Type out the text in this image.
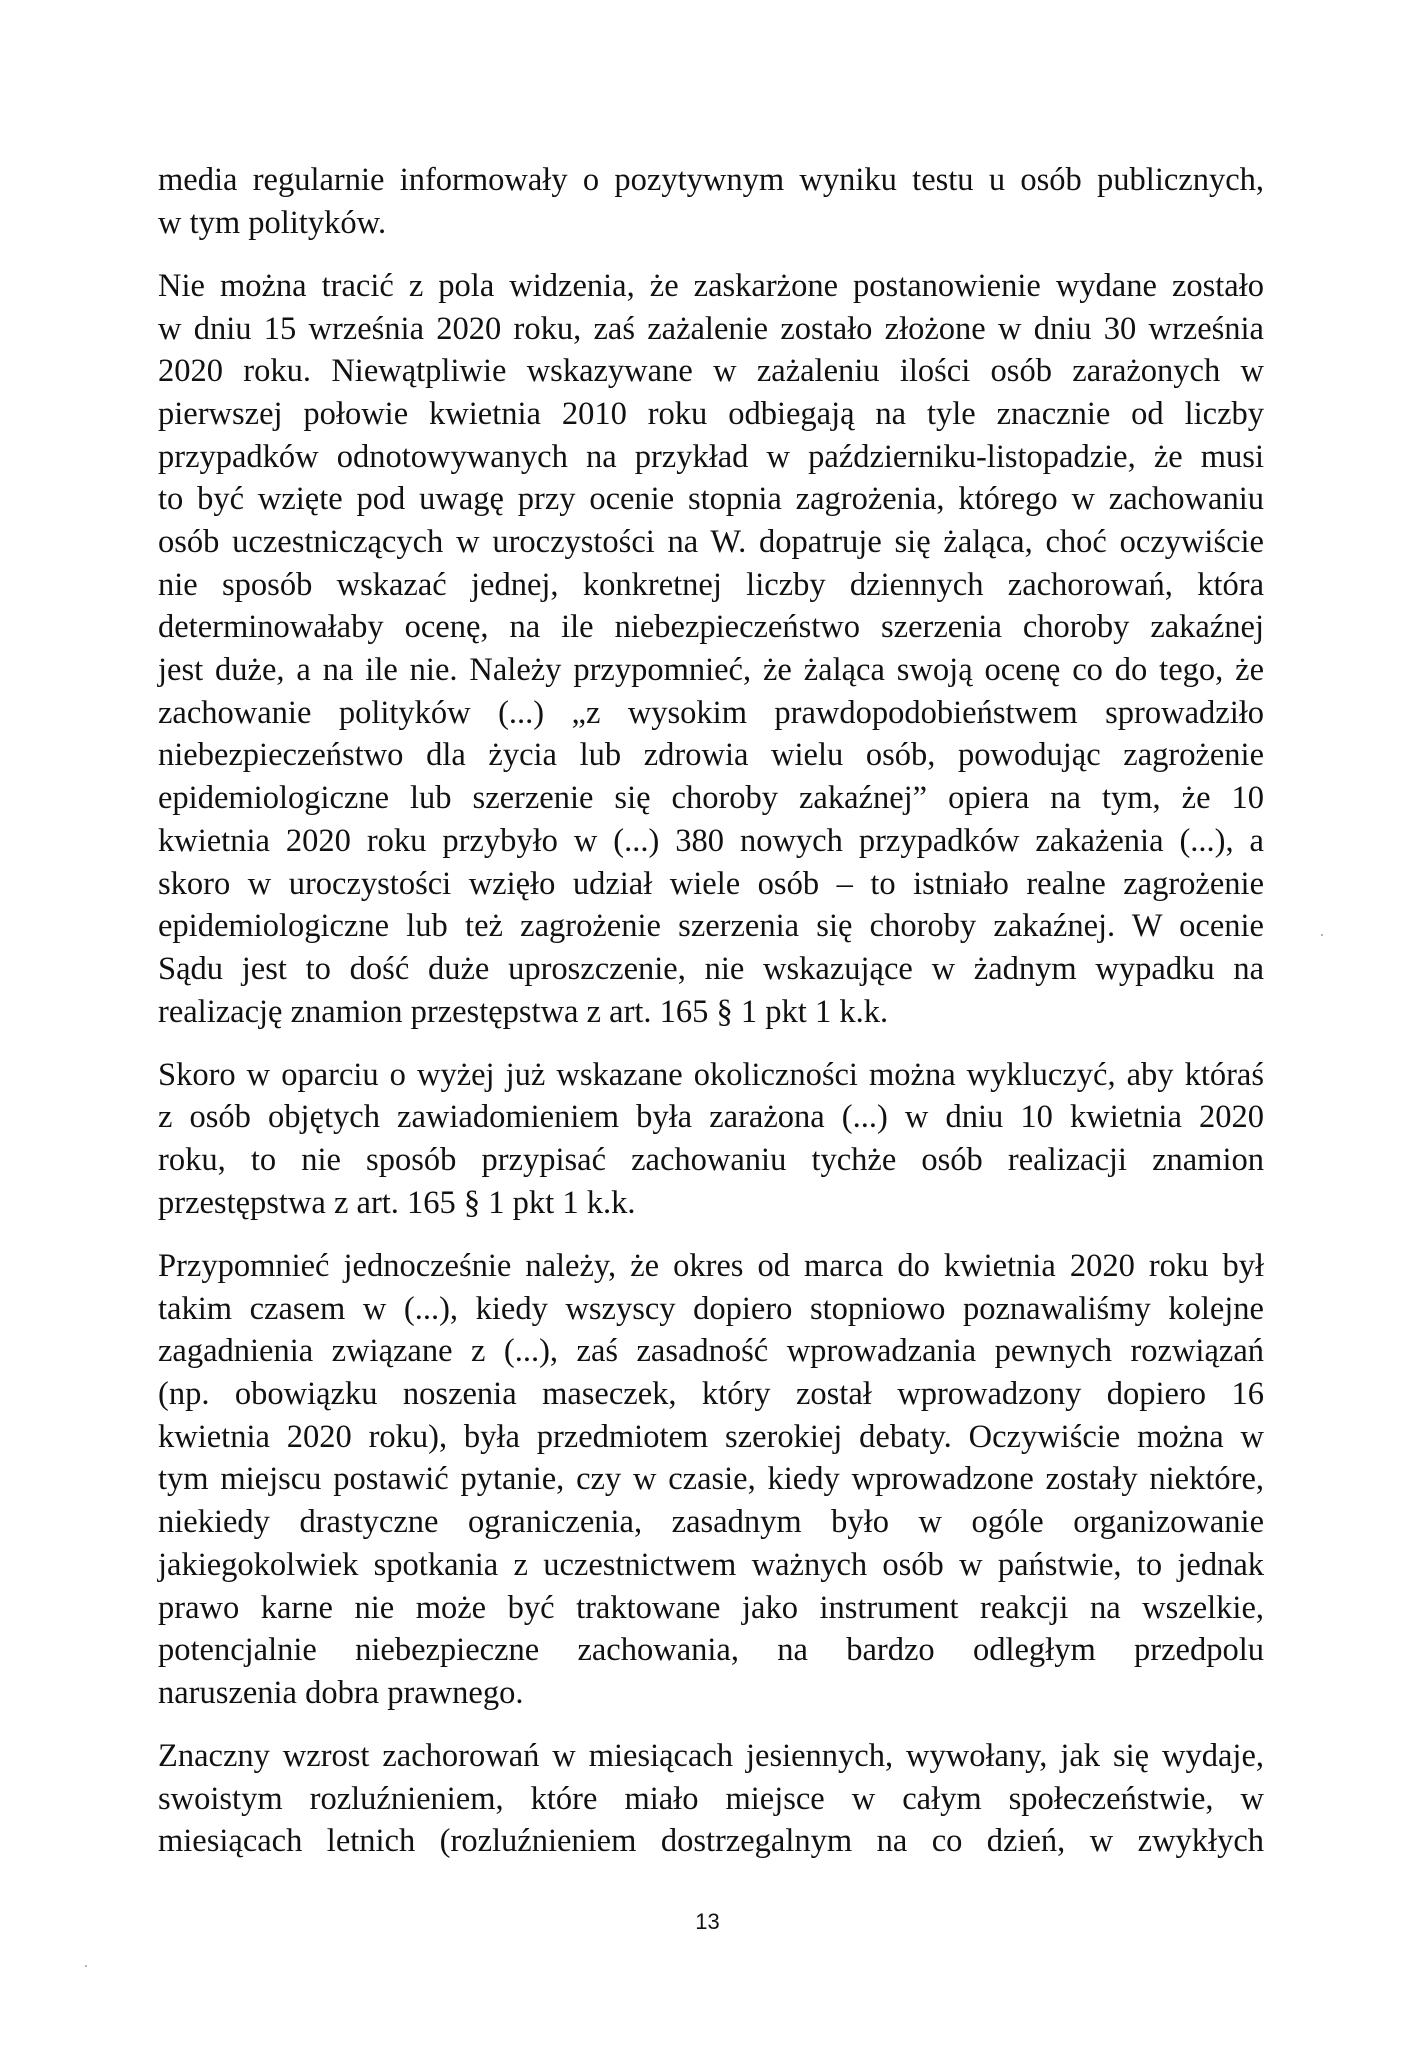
media regularnie informowały o pozytywnym wyniku testu u osób publicznych,
w tym polityków.
Nie można tracić z pola widzenia, że zaskarżone postanowienie wydane zostało
w dniu 15 września 2020 roku, zaś zażalenie zostało złożone w dniu 30 września
2020 roku. Niewątpliwie wskazywane w zażaleniu ilości osób zarażonych w
pierwszej połowie kwietnia 2010 roku odbiegają na tyle znacznie od liczby
przypadków odnotowywanych na przykład w październiku-listopadzie, że musi
to być wzięte pod uwagę przy ocenie stopnia zagrożenia, którego w zachowaniu
osób uczestniczących w uroczystości na W. dopatruje się żaląca, choć oczywiście
nie sposób wskazać jednej, konkretnej liczby dziennych zachorowań, która
determinowałaby ocenę, na ile niebezpieczeństwo szerzenia choroby zakaźnej
jest duże, a na ile nie. Należy przypomnieć, że żaląca swoją ocenę co do tego, że
zachowanie polityków (...) „z wysokim prawdopodobieństwem sprowadziło
niebezpieczeństwo dla życia lub zdrowia wielu osób, powodując zagrożenie
epidemiologiczne lub szerzenie się choroby zakaźnej” opiera na tym, że 10
kwietnia 2020 roku przybyło w (...) 380 nowych przypadków zakażenia (...), a
skoro w uroczystości wzięło udział wiele osób – to istniało realne zagrożenie
epidemiologiczne lub też zagrożenie szerzenia się choroby zakaźnej. W ocenie
Sądu jest to dość duże uproszczenie, nie wskazujące w żadnym wypadku na
realizację znamion przestępstwa z art. 165 § 1 pkt 1 k.k.
Skoro w oparciu o wyżej już wskazane okoliczności można wykluczyć, aby któraś
z osób objętych zawiadomieniem była zarażona (...) w dniu 10 kwietnia 2020
roku, to nie sposób przypisać zachowaniu tychże osób realizacji znamion
przestępstwa z art. 165 § 1 pkt 1 k.k.
Przypomnieć jednocześnie należy, że okres od marca do kwietnia 2020 roku był
takim czasem w (...), kiedy wszyscy dopiero stopniowo poznawaliśmy kolejne
zagadnienia związane z (...), zaś zasadność wprowadzania pewnych rozwiązań
(np. obowiązku noszenia maseczek, który został wprowadzony dopiero 16
kwietnia 2020 roku), była przedmiotem szerokiej debaty. Oczywiście można w
tym miejscu postawić pytanie, czy w czasie, kiedy wprowadzone zostały niektóre,
niekiedy drastyczne ograniczenia, zasadnym było w ogóle organizowanie
jakiegokolwiek spotkania z uczestnictwem ważnych osób w państwie, to jednak
prawo karne nie może być traktowane jako instrument reakcji na wszelkie,
potencjalnie niebezpieczne zachowania, na bardzo odległym przedpolu
naruszenia dobra prawnego.
Znaczny wzrost zachorowań w miesiącach jesiennych, wywołany, jak się wydaje,
swoistym rozluźnieniem, które miało miejsce w całym społeczeństwie, w
miesiącach letnich (rozluźnieniem dostrzegalnym na co dzień, w zwykłych
13
